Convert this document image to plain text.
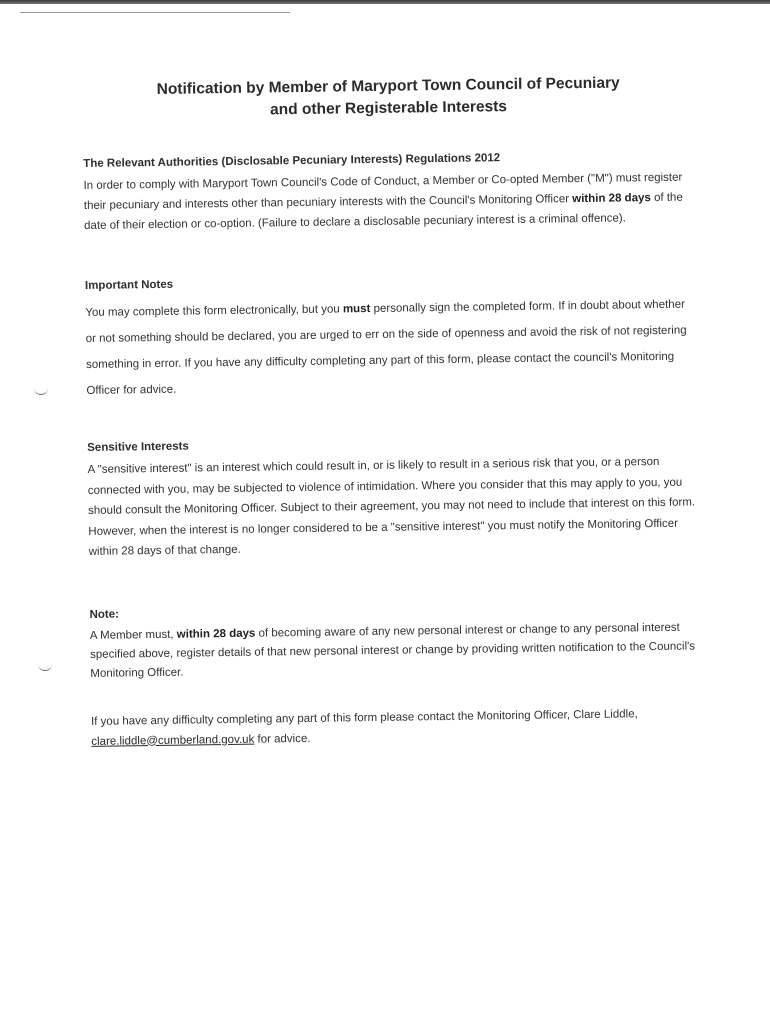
Notification by Member of Maryport Town Council of Pecuniary
and other Registerable Interests

The Relevant Authorities (Disclosable Pecuniary Interests) Regulations 2012

In order to comply with Maryport Town Council's Code of Conduct, a Member or Co-opted Member ("M") must register their pecuniary and interests other than pecuniary interests with the Council's Monitoring Officer within 28 days of the date of their election or co-option. (Failure to declare a disclosable pecuniary interest is a criminal offence).

Important Notes

You may complete this form electronically, but you must personally sign the completed form. If in doubt about whether or not something should be declared, you are urged to err on the side of openness and avoid the risk of not registering something in error. If you have any difficulty completing any part of this form, please contact the council's Monitoring Officer for advice.

Sensitive Interests

A "sensitive interest" is an interest which could result in, or is likely to result in a serious risk that you, or a person connected with you, may be subjected to violence of intimidation. Where you consider that this may apply to you, you should consult the Monitoring Officer. Subject to their agreement, you may not need to include that interest on this form. However, when the interest is no longer considered to be a "sensitive interest" you must notify the Monitoring Officer within 28 days of that change.

Note:

A Member must, within 28 days of becoming aware of any new personal interest or change to any personal interest specified above, register details of that new personal interest or change by providing written notification to the Council's Monitoring Officer.

If you have any difficulty completing any part of this form please contact the Monitoring Officer, Clare Liddle, clare.liddle@cumberland.gov.uk for advice.
